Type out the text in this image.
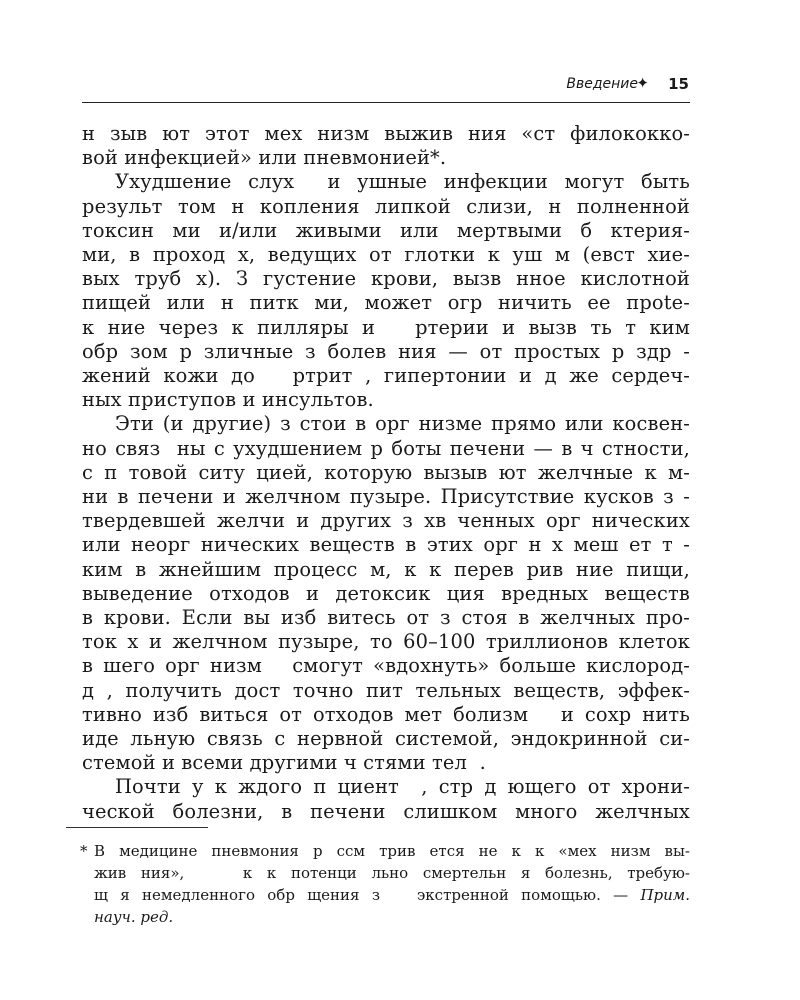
Введение
✦ 15
н зыв ют этот мех низм выжив ния «ст филококко-
вой инфекцией» или пневмонией*.
Ухудшение слух  и ушные инфекции могут быть
результ том н копления липкой слизи, н полненной
токсин ми и/или живыми или мертвыми б ктерия-
ми, в проход х, ведущих от глотки к уш м (евст хие-
вых труб х). З густение крови, вызв нное кислотной
пищей или н питк ми, может огр ничить ее прote-
к ние через к пилляры и   ртерии и вызв ть т ким
обр зом р зличные з болев ния — от простых р здр -
жений кожи до   ртрит , гипертонии и д же сердеч-
ных приступов и инсультов.
Эти (и другие) з стои в орг низме прямо или косвен-
но связ  ны с ухудшением р боты печени — в ч стности,
с п товой ситу цией, которую вызыв ют желчные к м-
ни в печени и желчном пузыре. Присутствие кусков з -
твердевшей желчи и других з хв ченных орг нических
или неорг нических веществ в этих орг н х меш ет т -
ким в жнейшим процесс м, к к перев рив ние пищи,
выведение отходов и детоксик ция вредных веществ
в крови. Если вы изб витесь от з стоя в желчных про-
ток х и желчном пузыре, то 60–100 триллионов клеток
в шего орг низм   смогут «вдохнуть» больше кислород-
д , получить дост точно пит тельных веществ, эффек-
тивно изб виться от отходов мет болизм   и сохр нить
иде льную связь с нервной системой, эндокринной си-
стемой и всеми другими ч стями тел  .
Почти у к ждого п циент  , стр д ющего от хрони-
ческой болезни, в печени слишком много желчных
* В медицине пневмония р ссм трив ется не к к «мех низм вы-
жив ния»,    к к потенци льно смертельн я болезнь, требую-
щ я немедленного обр щения з   экстренной помощью. — Прим.
науч. ред.
